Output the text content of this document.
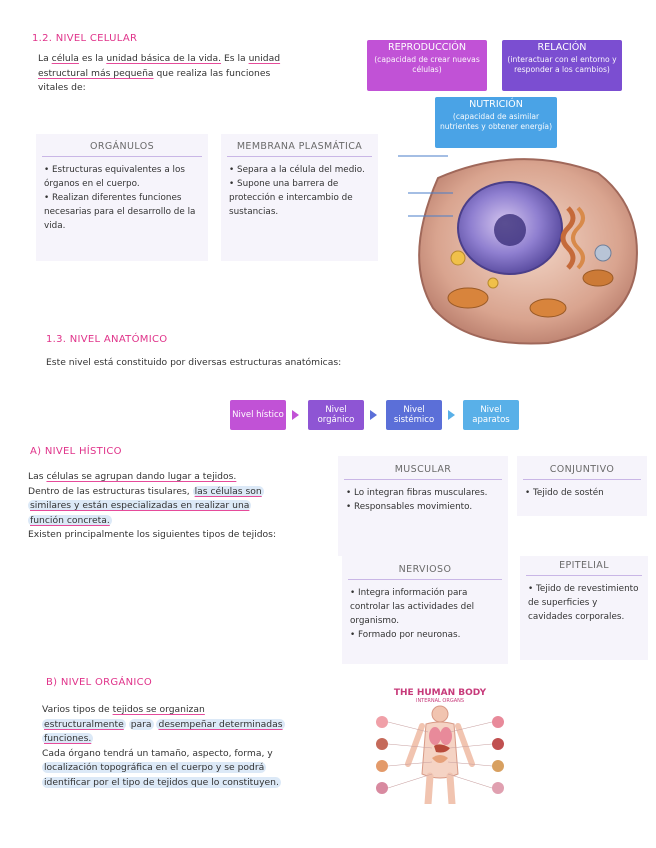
1.2. NIVEL CELULAR

La célula es la unidad básica de la vida. Es la unidad

estructural más pequeña que realiza las funciones

vitales de:

REPRODUCCIÓN
(capacidad de crear nuevas células)
RELACIÓN
(interactuar con el entorno y responder a los cambios)
NUTRICIÓN
(capacidad de asimilar nutrientes y obtener energía)
ORGÁNULOS
• Estructuras equivalentes a los órganos en el cuerpo.
• Realizan diferentes funciones necesarias para el desarrollo de la vida.
MEMBRANA PLASMÁTICA
• Separa a la célula del medio.
• Supone una barrera de protección e intercambio de sustancias.
1.3. NIVEL ANATÓMICO
Este nivel está constituido por diversas estructuras anatómicas:
Nivel hístico	Nivel orgánico
Nivel sistémico
Nivel aparatos
A) NIVEL HÍSTICO

Las células se agrupan dando lugar a tejidos.

Dentro de las estructuras tisulares, las células son

similares y están especializadas en realizar una

función concreta.

Existen principalmente los siguientes tipos de tejidos:

MUSCULAR
• Lo integran fibras musculares.
• Responsables movimiento.
CONJUNTIVO
• Tejido de sostén
NERVIOSO
• Integra información para controlar las actividades del organismo.
• Formado por neuronas.
EPITELIAL
• Tejido de revestimiento de superficies y cavidades corporales.
B) NIVEL ORGÁNICO

Varios tipos de tejidos se organizan

estructuralmente para desempeñar determinadas

funciones.

Cada órgano tendrá un tamaño, aspecto, forma, y

localización topográfica en el cuerpo y se podrá

identificar por el tipo de tejidos que lo constituyen.

THE HUMAN BODY
INTERNAL ORGANS
